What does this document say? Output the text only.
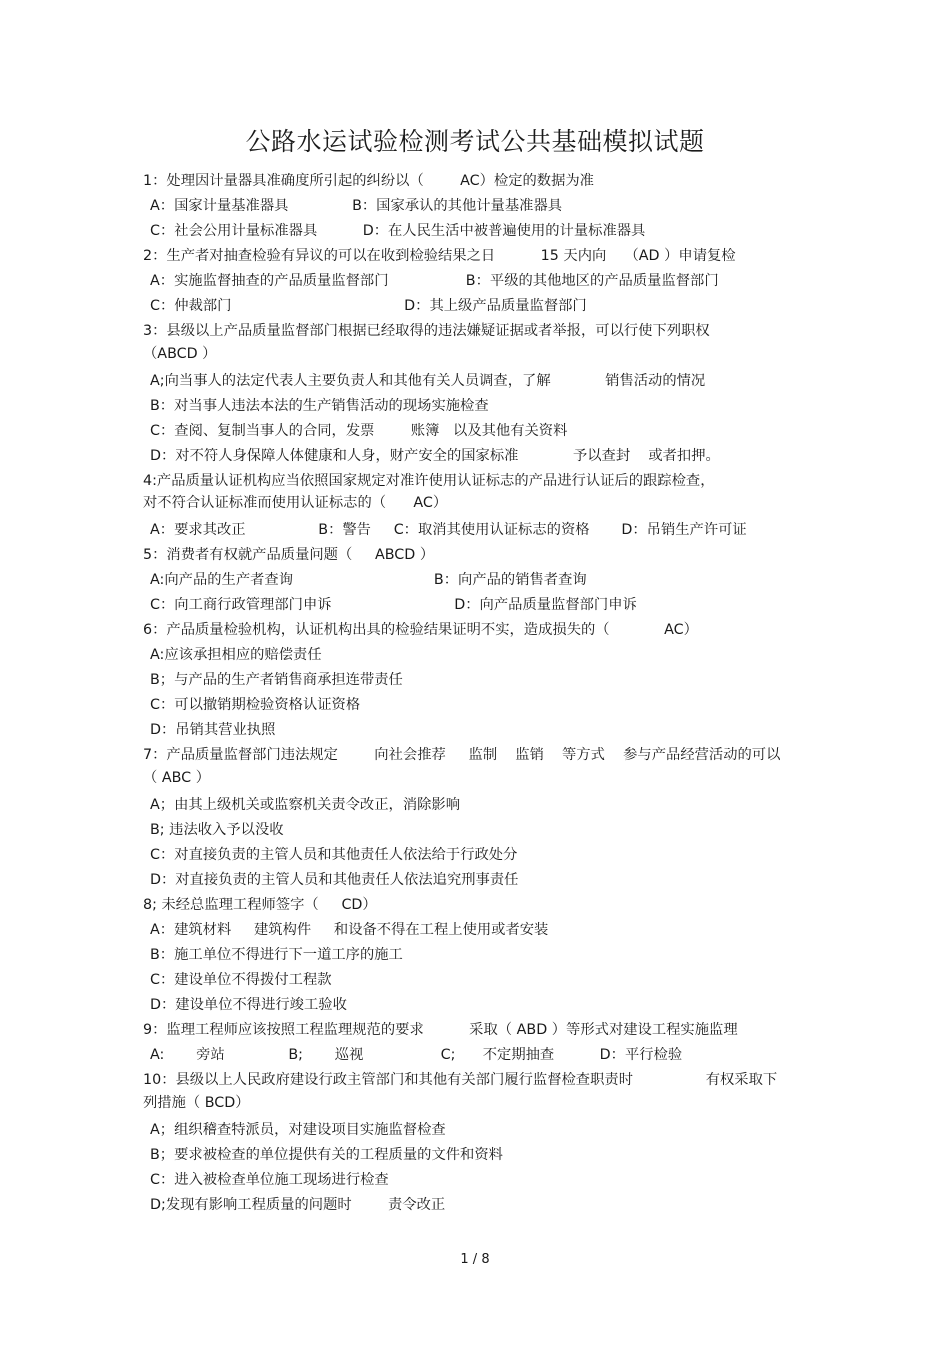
公路水运试验检测考试公共基础模拟试题
1：处理因计量器具准确度所引起的纠纷以（        AC）检定的数据为准
A：国家计量基准器具              B：国家承认的其他计量基准器具
C：社会公用计量标准器具          D：在人民生活中被普遍使用的计量标准器具
2：生产者对抽查检验有异议的可以在收到检验结果之日          15 天内向    （AD ）申请复检
A：实施监督抽查的产品质量监督部门                 B：平级的其他地区的产品质量监督部门
C：仲裁部门                                      D：其上级产品质量监督部门
3：县级以上产品质量监督部门根据已经取得的违法嫌疑证据或者举报，可以行使下列职权
（ABCD ）
A;向当事人的法定代表人主要负责人和其他有关人员调查，了解            销售活动的情况
B：对当事人违法本法的生产销售活动的现场实施检查
C：查阅、复制当事人的合同，发票        账簿   以及其他有关资料
D：对不符人身保障人体健康和人身，财产安全的国家标准            予以查封    或者扣押。
4:产品质量认证机构应当依照国家规定对准许使用认证标志的产品进行认证后的跟踪检查，
对不符合认证标准而使用认证标志的（      AC）
A：要求其改正                B：警告     C：取消其使用认证标志的资格       D：吊销生产许可证
5：消费者有权就产品质量问题（     ABCD ）
A:向产品的生产者查询                               B：向产品的销售者查询
C：向工商行政管理部门申诉                           D：向产品质量监督部门申诉
6：产品质量检验机构，认证机构出具的检验结果证明不实，造成损失的（            AC）
A:应该承担相应的赔偿责任
B；与产品的生产者销售商承担连带责任
C：可以撤销期检验资格认证资格
D：吊销其营业执照
7：产品质量监督部门违法规定        向社会推荐     监制    监销    等方式    参与产品经营活动的可以
（ ABC ）
A；由其上级机关或监察机关责令改正，消除影响
B; 违法收入予以没收
C：对直接负责的主管人员和其他责任人依法给于行政处分
D：对直接负责的主管人员和其他责任人依法追究刑事责任
8; 未经总监理工程师签字（     CD）
A：建筑材料     建筑构件     和设备不得在工程上使用或者安装
B：施工单位不得进行下一道工序的施工
C：建设单位不得拨付工程款
D：建设单位不得进行竣工验收
9：监理工程师应该按照工程监理规范的要求          采取（ ABD ）等形式对建设工程实施监理
A:       旁站              B;       巡视                 C;      不定期抽查          D：平行检验
10：县级以上人民政府建设行政主管部门和其他有关部门履行监督检查职责时                有权采取下
列措施（ BCD）
A；组织稽查特派员，对建设项目实施监督检查
B；要求被检查的单位提供有关的工程质量的文件和资料
C：进入被检查单位施工现场进行检查
D;发现有影响工程质量的问题时        责令改正
1 / 8
